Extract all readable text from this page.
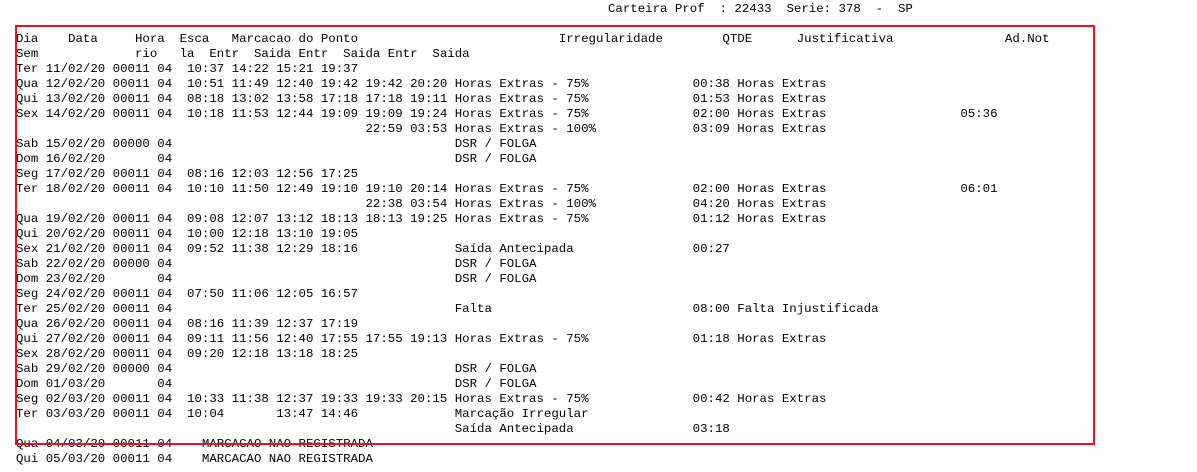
Carteira Prof  : 22433  Serie: 378  -  SP
Dia    Data     Hora  Esca   Marcacao do Ponto                           Irregularidade        QTDE      Justificativa               Ad.Not
Sem             rio   la  Entr  Saida Entr  Saida Entr  Saida
Ter 11/02/20 00011 04  10:37 14:22 15:21 19:37
Qua 12/02/20 00011 04  10:51 11:49 12:40 19:42 19:42 20:20 Horas Extras - 75%              00:38 Horas Extras
Qui 13/02/20 00011 04  08:18 13:02 13:58 17:18 17:18 19:11 Horas Extras - 75%              01:53 Horas Extras
Sex 14/02/20 00011 04  10:18 11:53 12:44 19:09 19:09 19:24 Horas Extras - 75%              02:00 Horas Extras                  05:36
22:59 03:53 Horas Extras - 100%             03:09 Horas Extras
Sab 15/02/20 00000 04                                      DSR / FOLGA
Dom 16/02/20       04                                      DSR / FOLGA
Seg 17/02/20 00011 04  08:16 12:03 12:56 17:25
Ter 18/02/20 00011 04  10:10 11:50 12:49 19:10 19:10 20:14 Horas Extras - 75%              02:00 Horas Extras                  06:01
22:38 03:54 Horas Extras - 100%             04:20 Horas Extras
Qua 19/02/20 00011 04  09:08 12:07 13:12 18:13 18:13 19:25 Horas Extras - 75%              01:12 Horas Extras
Qui 20/02/20 00011 04  10:00 12:18 13:10 19:05
Sex 21/02/20 00011 04  09:52 11:38 12:29 18:16             Saída Antecipada                00:27
Sab 22/02/20 00000 04                                      DSR / FOLGA
Dom 23/02/20       04                                      DSR / FOLGA
Seg 24/02/20 00011 04  07:50 11:06 12:05 16:57
Ter 25/02/20 00011 04                                      Falta                           08:00 Falta Injustificada
Qua 26/02/20 00011 04  08:16 11:39 12:37 17:19
Qui 27/02/20 00011 04  09:11 11:56 12:40 17:55 17:55 19:13 Horas Extras - 75%              01:18 Horas Extras
Sex 28/02/20 00011 04  09:20 12:18 13:18 18:25
Sab 29/02/20 00000 04                                      DSR / FOLGA
Dom 01/03/20       04                                      DSR / FOLGA
Seg 02/03/20 00011 04  10:33 11:38 12:37 19:33 19:33 20:15 Horas Extras - 75%              00:42 Horas Extras
Ter 03/03/20 00011 04  10:04       13:47 14:46             Marcação Irregular
Saída Antecipada                03:18
Qua 04/03/20 00011 04    MARCACAO NAO REGISTRADA
Qui 05/03/20 00011 04    MARCACAO NAO REGISTRADA
